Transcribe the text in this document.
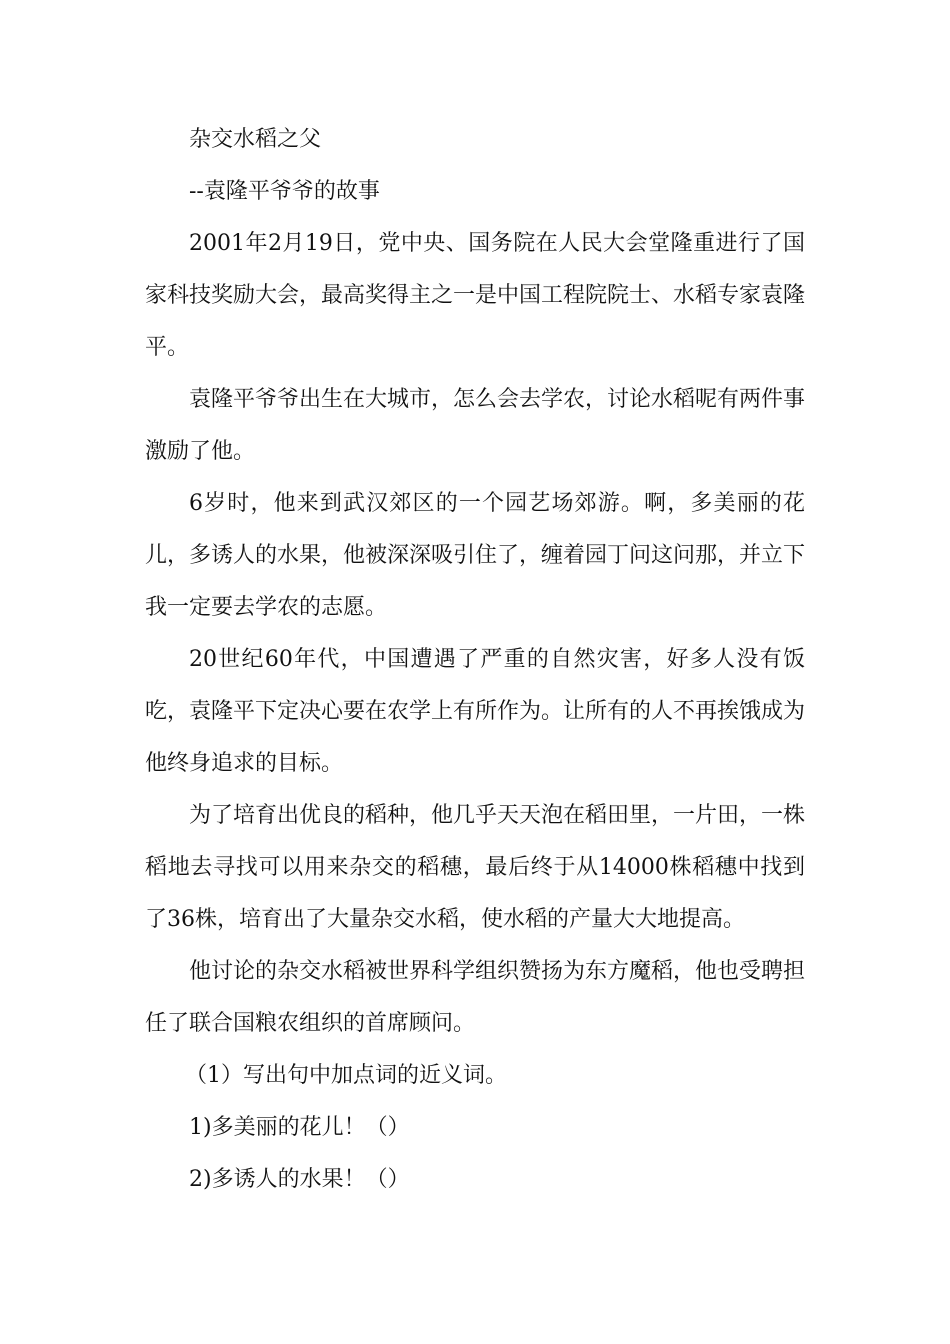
杂交水稻之父

--袁隆平爷爷的故事

2001年2月19日，党中央、国务院在人民大会堂隆重进行了国家科技奖励大会，最高奖得主之一是中国工程院院士、水稻专家袁隆平。

袁隆平爷爷出生在大城市，怎么会去学农，讨论水稻呢有两件事激励了他。

6岁时，他来到武汉郊区的一个园艺场郊游。啊，多美丽的花儿，多诱人的水果，他被深深吸引住了，缠着园丁问这问那，并立下我一定要去学农的志愿。

20世纪60年代，中国遭遇了严重的自然灾害，好多人没有饭吃，袁隆平下定决心要在农学上有所作为。让所有的人不再挨饿成为他终身追求的目标。

为了培育出优良的稻种，他几乎天天泡在稻田里，一片田，一株稻地去寻找可以用来杂交的稻穗，最后终于从14000株稻穗中找到了36株，培育出了大量杂交水稻，使水稻的产量大大地提高。

他讨论的杂交水稻被世界科学组织赞扬为东方魔稻，他也受聘担任了联合国粮农组织的首席顾问。

（1）写出句中加点词的近义词。

1)多美丽的花儿！（）

2)多诱人的水果！（）
